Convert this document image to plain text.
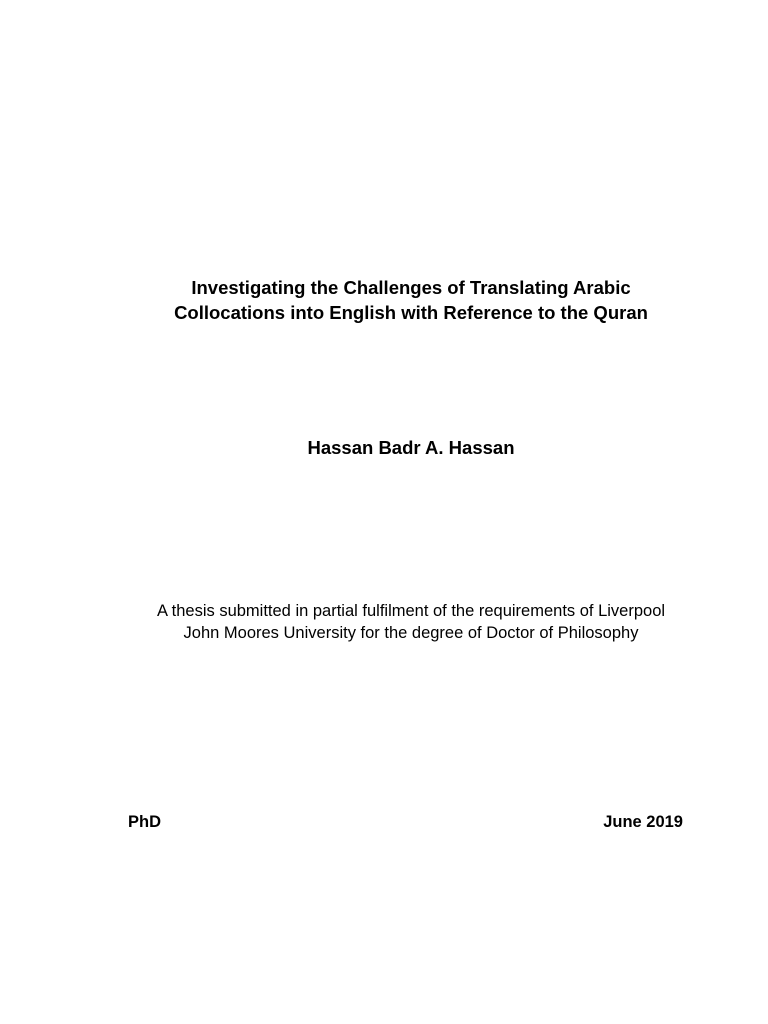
Investigating the Challenges of Translating Arabic
Collocations into English with Reference to the Quran
Hassan Badr A. Hassan

A thesis submitted in partial fulfilment of the requirements of Liverpool
John Moores University for the degree of Doctor of Philosophy

PhD	June 2019
